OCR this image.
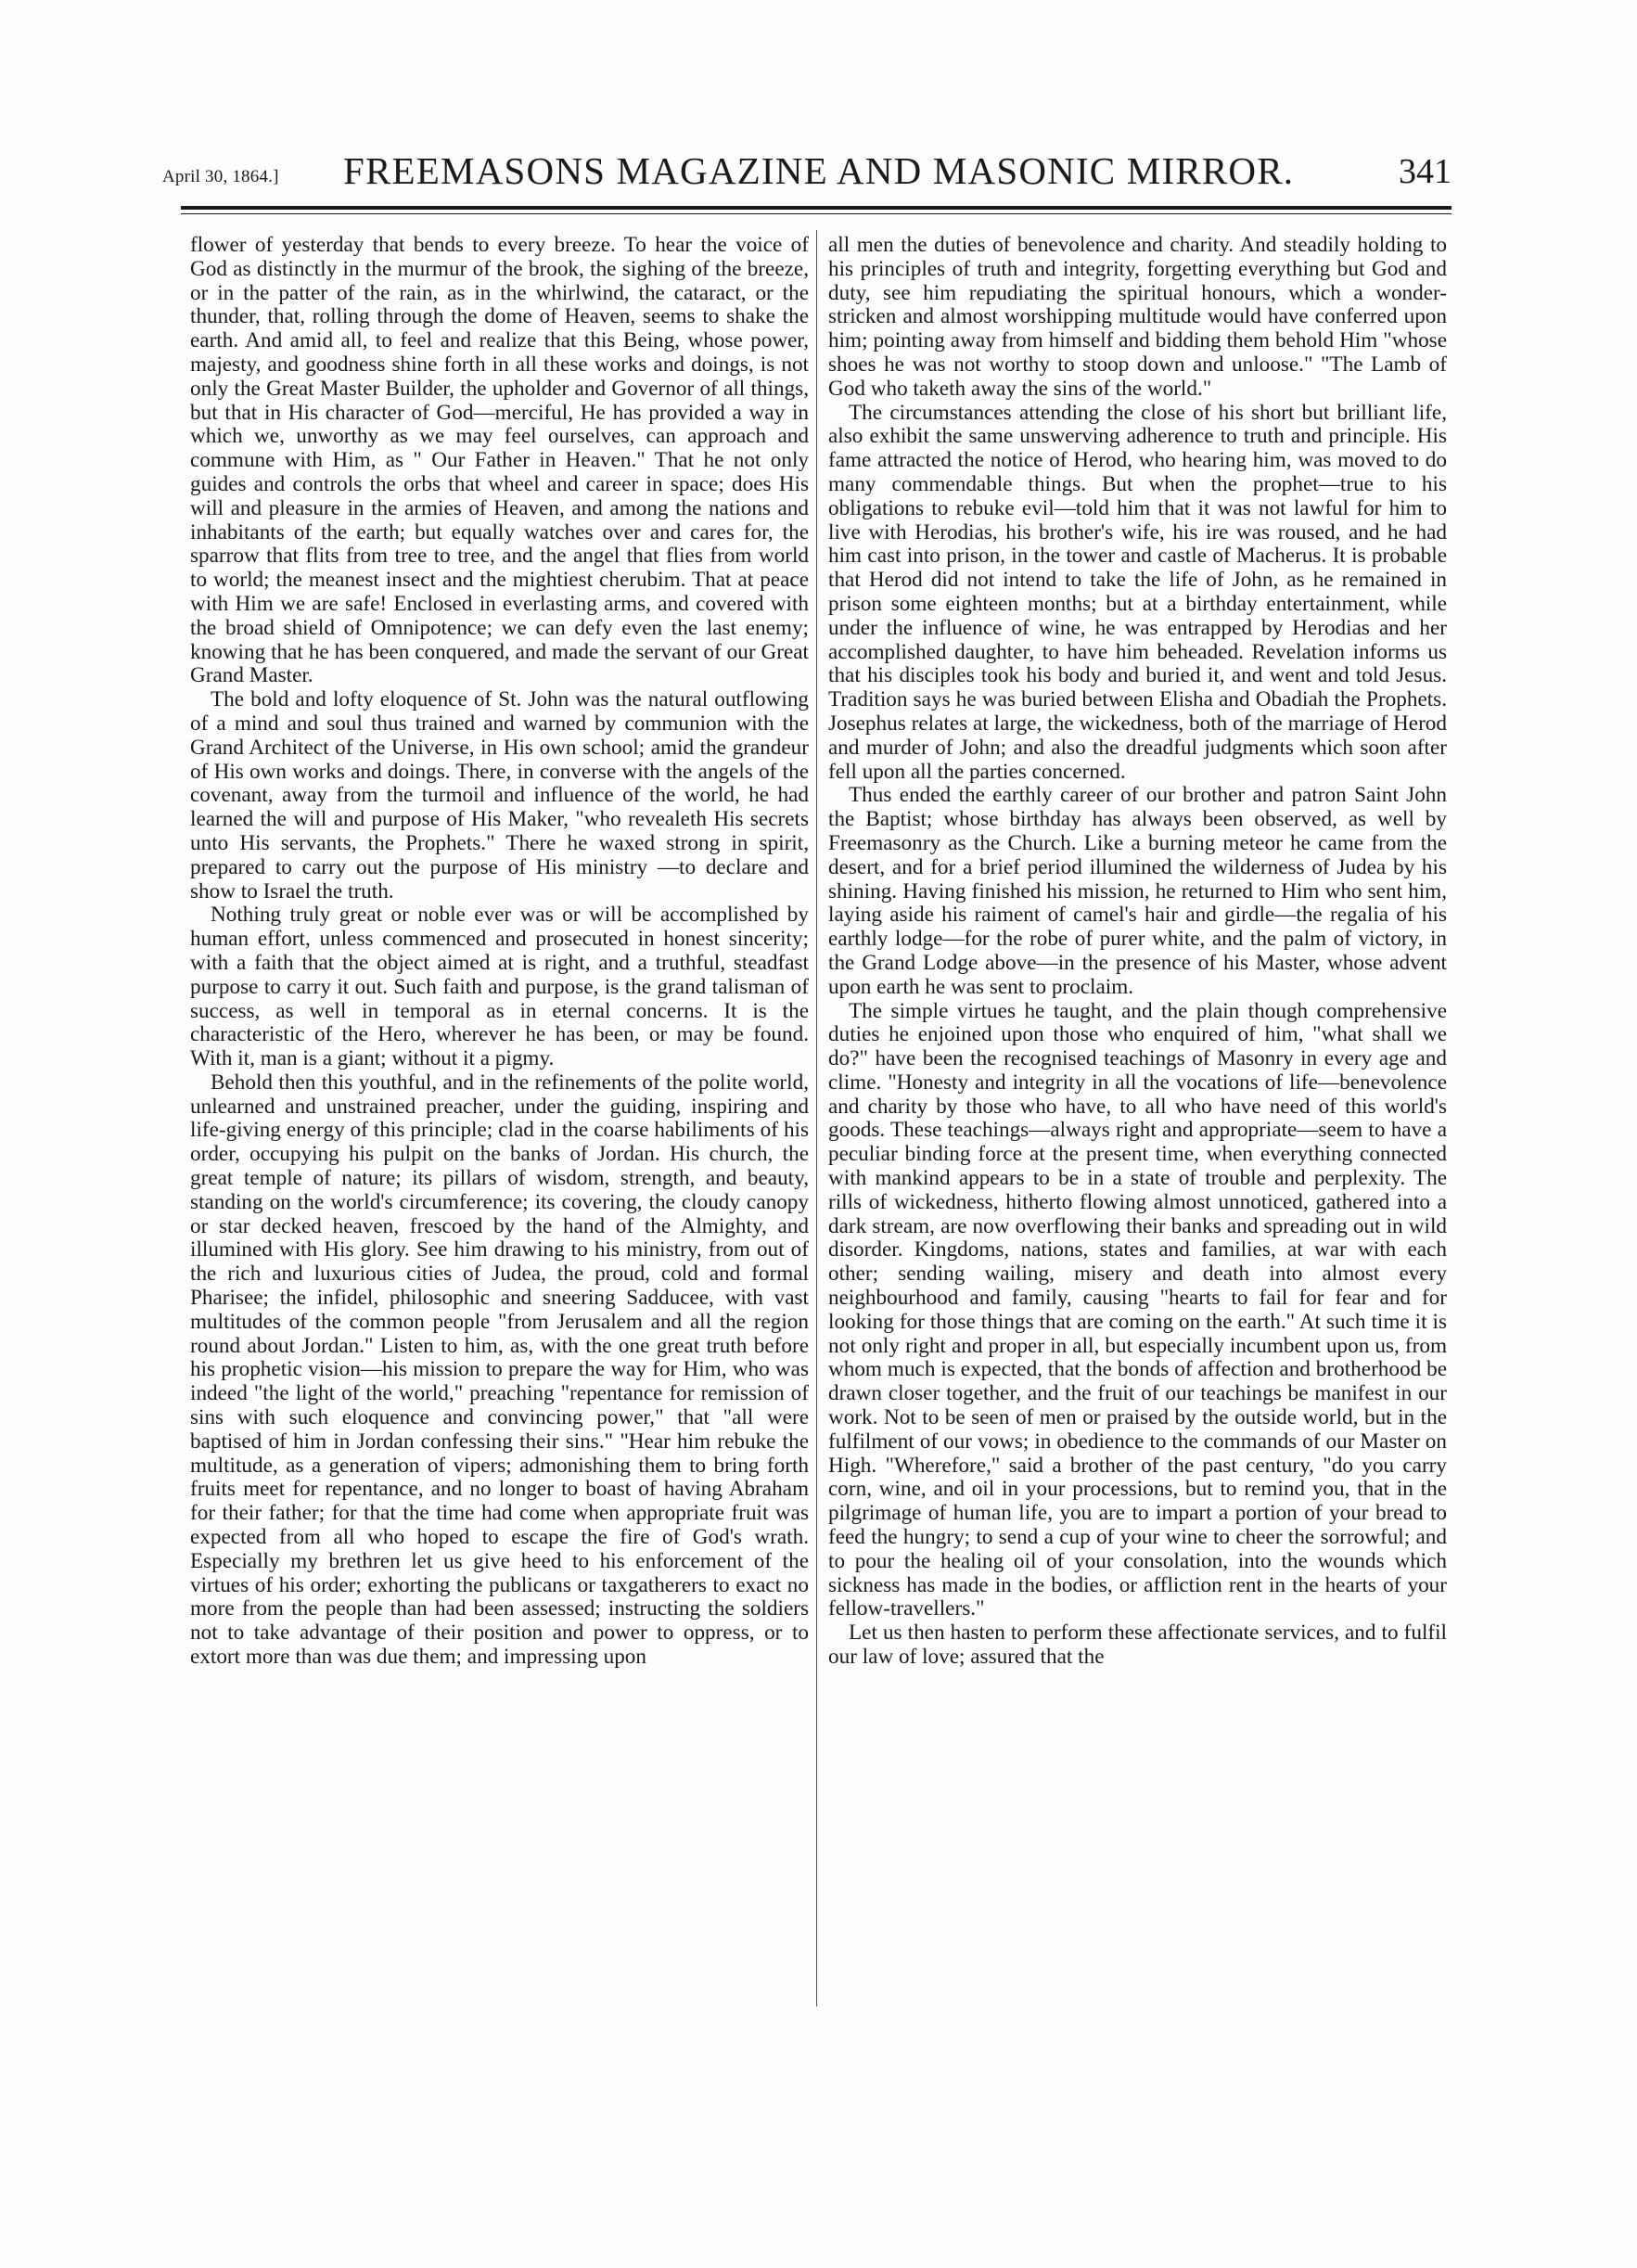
April 30, 1864.] FREEMASONS MAGAZINE AND MASONIC MIRROR.	341

flower of yesterday that bends to every breeze. To hear the voice of God as distinctly in the murmur of the brook, the sighing of the breeze, or in the patter of the rain, as in the whirlwind, the cataract, or the thunder, that, rolling through the dome of Heaven, seems to shake the earth. And amid all, to feel and realize that this Being, whose power, majesty, and goodness shine forth in all these works and doings, is not only the Great Master Builder, the upholder and Governor of all things, but that in His character of God—merciful, He has provided a way in which we, unworthy as we may feel ourselves, can approach and commune with Him, as " Our Father in Heaven." That he not only guides and controls the orbs that wheel and career in space; does His will and pleasure in the armies of Heaven, and among the nations and inhabitants of the earth; but equally watches over and cares for, the sparrow that flits from tree to tree, and the angel that flies from world to world; the meanest insect and the mightiest cherubim. That at peace with Him we are safe! Enclosed in everlasting arms, and covered with the broad shield of Omnipotence; we can defy even the last enemy; knowing that he has been conquered, and made the servant of our Great Grand Master.

The bold and lofty eloquence of St. John was the natural outflowing of a mind and soul thus trained and warned by communion with the Grand Architect of the Universe, in His own school; amid the grandeur of His own works and doings. There, in converse with the angels of the covenant, away from the turmoil and influence of the world, he had learned the will and purpose of His Maker, "who revealeth His secrets unto His servants, the Prophets." There he waxed strong in spirit, prepared to carry out the purpose of His ministry —to declare and show to Israel the truth.

Nothing truly great or noble ever was or will be accomplished by human effort, unless commenced and prosecuted in honest sincerity; with a faith that the object aimed at is right, and a truthful, steadfast purpose to carry it out. Such faith and purpose, is the grand talisman of success, as well in temporal as in eternal concerns. It is the characteristic of the Hero, wherever he has been, or may be found. With it, man is a giant; without it a pigmy.

Behold then this youthful, and in the refinements of the polite world, unlearned and unstrained preacher, under the guiding, inspiring and life-giving energy of this principle; clad in the coarse habiliments of his order, occupying his pulpit on the banks of Jordan. His church, the great temple of nature; its pillars of wisdom, strength, and beauty, standing on the world's circumference; its covering, the cloudy canopy or star decked heaven, frescoed by the hand of the Almighty, and illumined with His glory. See him drawing to his ministry, from out of the rich and luxurious cities of Judea, the proud, cold and formal Pharisee; the infidel, philosophic and sneering Sadducee, with vast multitudes of the common people "from Jerusalem and all the region round about Jordan." Listen to him, as, with the one great truth before his prophetic vision—his mission to prepare the way for Him, who was indeed "the light of the world," preaching "repentance for remission of sins with such eloquence and convincing power," that "all were baptised of him in Jordan confessing their sins." "Hear him rebuke the multitude, as a generation of vipers; admonishing them to bring forth fruits meet for repentance, and no longer to boast of having Abraham for their father; for that the time had come when appropriate fruit was expected from all who hoped to escape the fire of God's wrath. Especially my brethren let us give heed to his enforcement of the virtues of his order; exhorting the publicans or taxgatherers to exact no more from the people than had been assessed; instructing the soldiers not to take advantage of their position and power to oppress, or to extort more than was due them; and impressing upon

all men the duties of benevolence and charity. And steadily holding to his principles of truth and integrity, forgetting everything but God and duty, see him repudiating the spiritual honours, which a wonder-stricken and almost worshipping multitude would have conferred upon him; pointing away from himself and bidding them behold Him "whose shoes he was not worthy to stoop down and unloose." "The Lamb of God who taketh away the sins of the world."

The circumstances attending the close of his short but brilliant life, also exhibit the same unswerving adherence to truth and principle. His fame attracted the notice of Herod, who hearing him, was moved to do many commendable things. But when the prophet—true to his obligations to rebuke evil—told him that it was not lawful for him to live with Herodias, his brother's wife, his ire was roused, and he had him cast into prison, in the tower and castle of Macherus. It is probable that Herod did not intend to take the life of John, as he remained in prison some eighteen months; but at a birthday entertainment, while under the influence of wine, he was entrapped by Herodias and her accomplished daughter, to have him beheaded. Revelation informs us that his disciples took his body and buried it, and went and told Jesus. Tradition says he was buried between Elisha and Obadiah the Prophets. Josephus relates at large, the wickedness, both of the marriage of Herod and murder of John; and also the dreadful judgments which soon after fell upon all the parties concerned.

Thus ended the earthly career of our brother and patron Saint John the Baptist; whose birthday has always been observed, as well by Freemasonry as the Church. Like a burning meteor he came from the desert, and for a brief period illumined the wilderness of Judea by his shining. Having finished his mission, he returned to Him who sent him, laying aside his raiment of camel's hair and girdle—the regalia of his earthly lodge—for the robe of purer white, and the palm of victory, in the Grand Lodge above—in the presence of his Master, whose advent upon earth he was sent to proclaim.

The simple virtues he taught, and the plain though comprehensive duties he enjoined upon those who enquired of him, "what shall we do?" have been the recognised teachings of Masonry in every age and clime. "Honesty and integrity in all the vocations of life—benevolence and charity by those who have, to all who have need of this world's goods. These teachings—always right and appropriate—seem to have a peculiar binding force at the present time, when everything connected with mankind appears to be in a state of trouble and perplexity. The rills of wickedness, hitherto flowing almost unnoticed, gathered into a dark stream, are now overflowing their banks and spreading out in wild disorder. Kingdoms, nations, states and families, at war with each other; sending wailing, misery and death into almost every neighbourhood and family, causing "hearts to fail for fear and for looking for those things that are coming on the earth." At such time it is not only right and proper in all, but especially incumbent upon us, from whom much is expected, that the bonds of affection and brotherhood be drawn closer together, and the fruit of our teachings be manifest in our work. Not to be seen of men or praised by the outside world, but in the fulfilment of our vows; in obedience to the commands of our Master on High. "Wherefore," said a brother of the past century, "do you carry corn, wine, and oil in your processions, but to remind you, that in the pilgrimage of human life, you are to impart a portion of your bread to feed the hungry; to send a cup of your wine to cheer the sorrowful; and to pour the healing oil of your consolation, into the wounds which sickness has made in the bodies, or affliction rent in the hearts of your fellow-travellers."

Let us then hasten to perform these affectionate services, and to fulfil our law of love; assured that the
